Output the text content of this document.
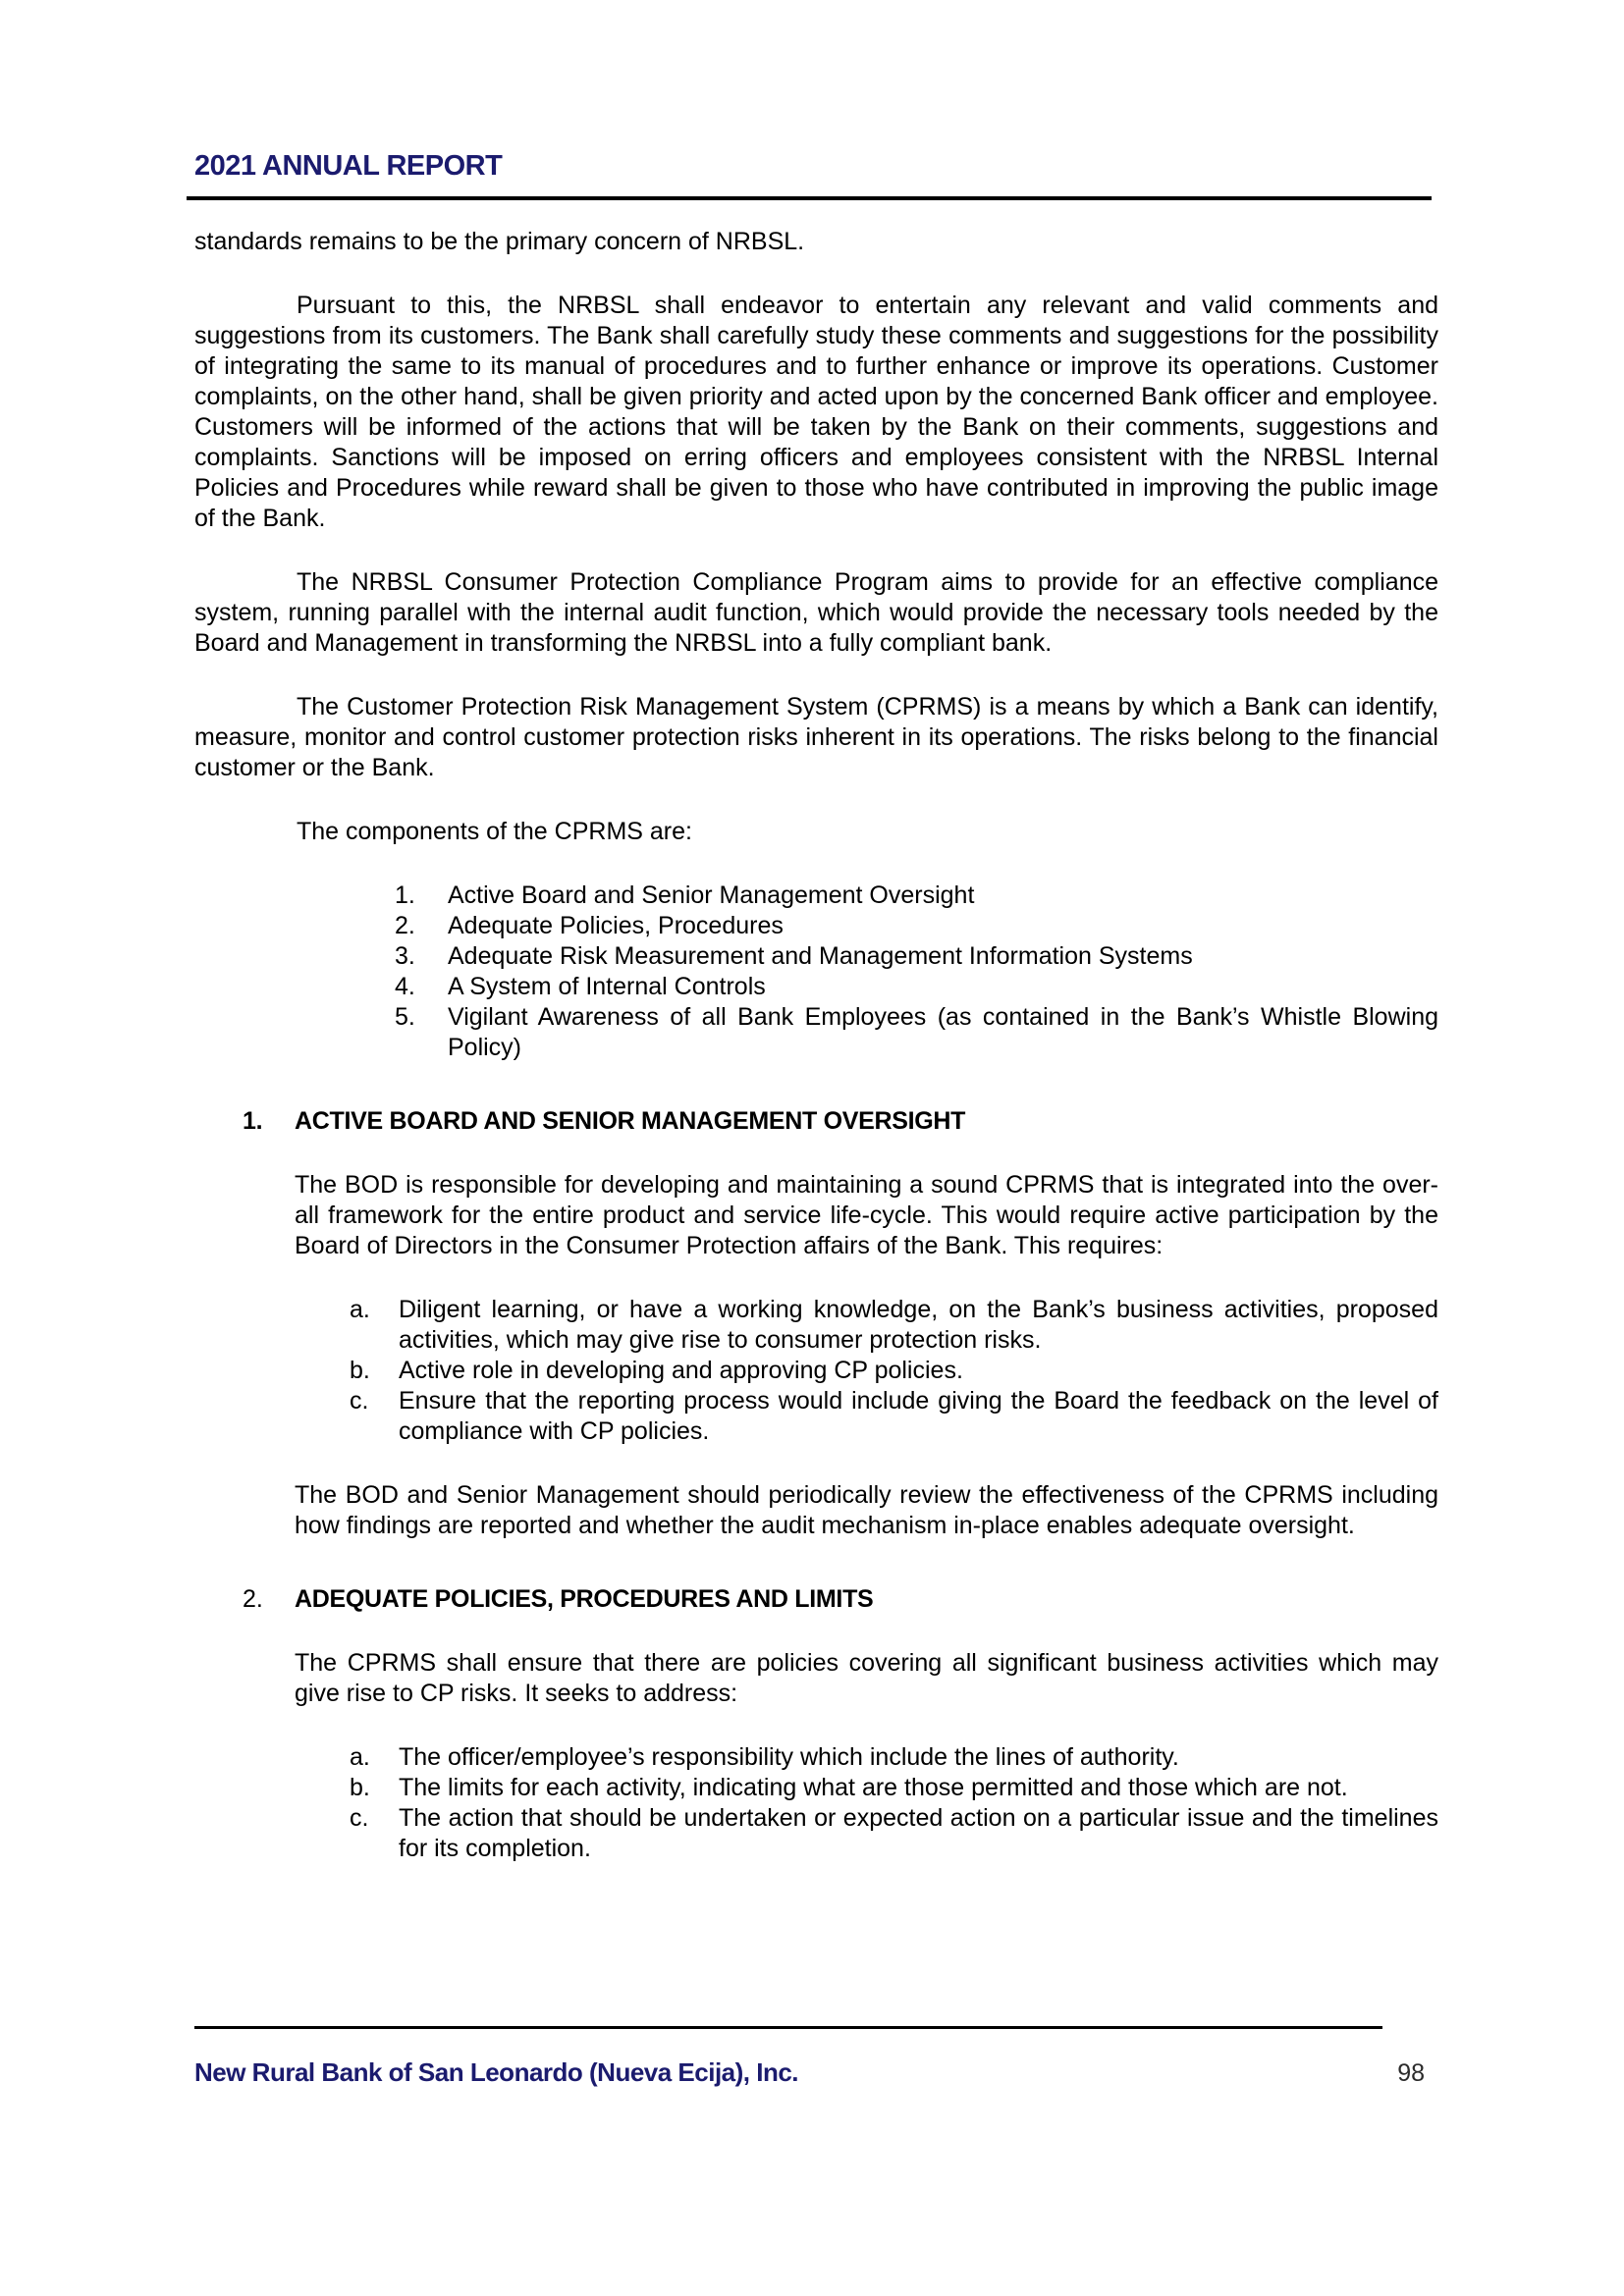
2021 ANNUAL REPORT
standards remains to be the primary concern of NRBSL.
Pursuant to this, the NRBSL shall endeavor to entertain any relevant and valid comments and suggestions from its customers. The Bank shall carefully study these comments and suggestions for the possibility of integrating the same to its manual of procedures and to further enhance or improve its operations. Customer complaints, on the other hand, shall be given priority and acted upon by the concerned Bank officer and employee. Customers will be informed of the actions that will be taken by the Bank on their comments, suggestions and complaints. Sanctions will be imposed on erring officers and employees consistent with the NRBSL Internal Policies and Procedures while reward shall be given to those who have contributed in improving the public image of the Bank.
The NRBSL Consumer Protection Compliance Program aims to provide for an effective compliance system, running parallel with the internal audit function, which would provide the necessary tools needed by the Board and Management in transforming the NRBSL into a fully compliant bank.
The Customer Protection Risk Management System (CPRMS) is a means by which a Bank can identify, measure, monitor and control customer protection risks inherent in its operations. The risks belong to the financial customer or the Bank.
The components of the CPRMS are:
1.	Active Board and Senior Management Oversight
2.	Adequate Policies, Procedures
3.	Adequate Risk Measurement and Management Information Systems
4.	A System of Internal Controls
5.	Vigilant Awareness of all Bank Employees (as contained in the Bank’s Whistle Blowing Policy)
1.	ACTIVE BOARD AND SENIOR MANAGEMENT OVERSIGHT
The BOD is responsible for developing and maintaining a sound CPRMS that is integrated into the over-all framework for the entire product and service life-cycle. This would require active participation by the Board of Directors in the Consumer Protection affairs of the Bank. This requires:
a.	Diligent learning, or have a working knowledge, on the Bank’s business activities, proposed activities, which may give rise to consumer protection risks.
b.	Active role in developing and approving CP policies.
c.	Ensure that the reporting process would include giving the Board the feedback on the level of compliance with CP policies.
The BOD and Senior Management should periodically review the effectiveness of the CPRMS including how findings are reported and whether the audit mechanism in-place enables adequate oversight.
2.	ADEQUATE POLICIES, PROCEDURES AND LIMITS
The CPRMS shall ensure that there are policies covering all significant business activities which may give rise to CP risks. It seeks to address:
a.	The officer/employee’s responsibility which include the lines of authority.
b.	The limits for each activity, indicating what are those permitted and those which are not.
c.	The action that should be undertaken or expected action on a particular issue and the timelines for its completion.
New Rural Bank of San Leonardo (Nueva Ecija), Inc.	98
